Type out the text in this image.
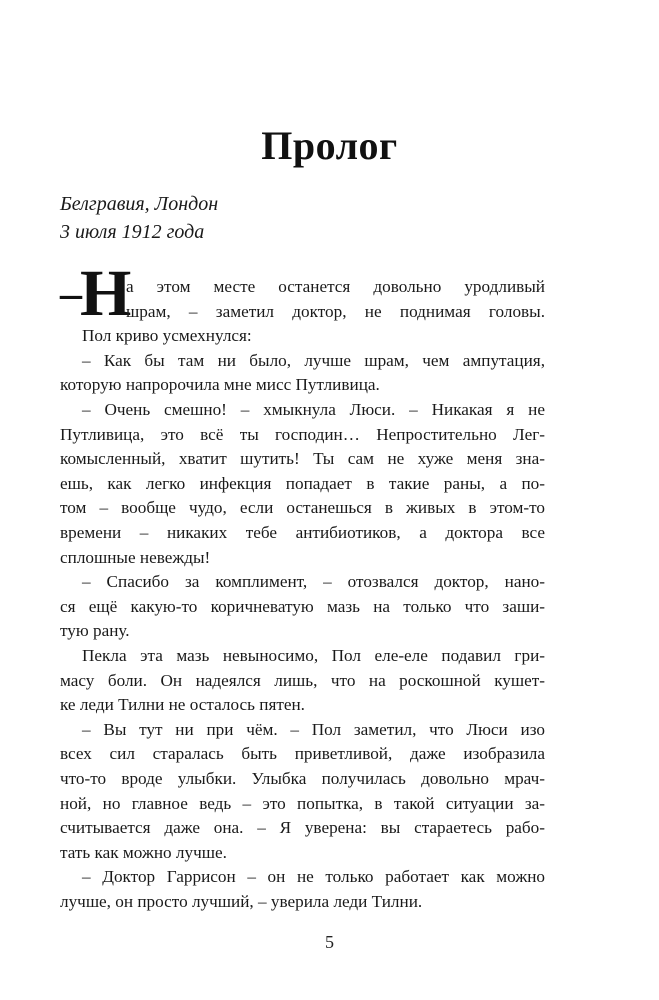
Пролог
Белгравия, Лондон
3 июля 1912 года
–
Н
5
а этом месте останется довольно уродливый
шрам, – заметил доктор, не поднимая головы.
Пол криво усмехнулся:
– Как бы там ни было, лучше шрам, чем ампутация,
которую напророчила мне мисс Путливица.
– Очень смешно! – хмыкнула Люси. – Никакая я не
Путливица, это всё ты господин… Непростительно Лег-
комысленный, хватит шутить! Ты сам не хуже меня зна-
ешь, как легко инфекция попадает в такие раны, а по-
том – вообще чудо, если останешься в живых в этом-то
времени – никаких тебе антибиотиков, а доктора все
сплошные невежды!
– Спасибо за комплимент, – отозвался доктор, нано-
ся ещё какую-то коричневатую мазь на только что заши-
тую рану.
Пекла эта мазь невыносимо, Пол еле-еле подавил гри-
масу боли. Он надеялся лишь, что на роскошной кушет-
ке леди Тилни не осталось пятен.
– Вы тут ни при чём. – Пол заметил, что Люси изо
всех сил старалась быть приветливой, даже изобразила
что-то вроде улыбки. Улыбка получилась довольно мрач-
ной, но главное ведь – это попытка, в такой ситуации за-
считывается даже она. – Я уверена: вы стараетесь рабо-
тать как можно лучше.
– Доктор Гаррисон – он не только работает как можно
лучше, он просто лучший, – уверила леди Тилни.
